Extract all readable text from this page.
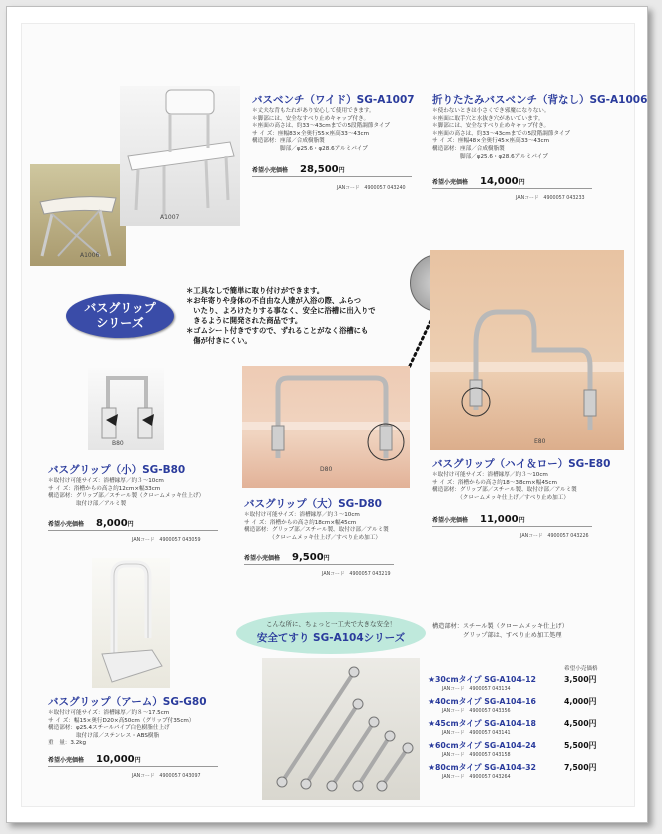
A1006
A1007
バスベンチ（ワイド）SG-A1007
＊丈夫な背もたれがあり安心して使用できます。
＊脚部には、安全なすべり止めキャップ付き。
＊座面の高さは、約33〜43cmまでの5段階調節タイプ
サ イ ズ：座幅83×全奥行55×座高33〜43cm
構造部材：座部／合成樹脂製
　　　　　脚部／φ25.6・φ28.6アルミパイプ
希望小売価格 28,500円
JANコード　4900057 043240
折りたたみバスベンチ（背なし）SG-A1006
＊使わないときは小さくでき邪魔になりない。
＊座面に取手穴と水抜き穴があいています。
＊脚部には、安全なすべり止めキャップ付き。
＊座面の高さは、約33〜43cmまでの5段階調節タイプ
サ イ ズ：座幅48×全奥行45×座高33〜43cm
構造部材：座部／合成樹脂製
　　　　　脚部／φ25.6・φ28.6アルミパイプ
希望小売価格 14,000円
JANコード　4900057 043233
バスグリップ
シリーズ
＊工具なしで簡単に取り付けができます。
＊お年寄りや身体の不自由な人達が入浴の際、ふらつ
　いたり、よろけたりする事なく、安全に浴槽に出入りで
　きるように開発された商品です。
＊ゴムシート付きですので、ずれることがなく浴槽にも
　傷が付きにくい。
B80
バスグリップ（小）SG-B80
＊取付け可能サイズ：浴槽縁厚／約３〜10cm
サ イ ズ：浴槽からの高さ約12cm×幅33cm
構造部材：グリップ部／スチール製（クロームメッキ仕上げ）
　　　　　取付け部／アルミ製
希望小売価格 8,000円
JANコード　4900057 043059
D80
バスグリップ（大）SG-D80
＊取付け可能サイズ：浴槽縁厚／約３〜10cm
サ イ ズ：浴槽からの高さ約18cm×幅45cm
構造部材：グリップ部／スチール製、取付け部／アルミ製
　　　　　（クロームメッキ仕上げ／すべり止め加工）
希望小売価格 9,500円
JANコード　4900057 043219
E80
バスグリップ（ハイ＆ロー）SG-E80
＊取付け可能サイズ：浴槽縁厚／約３〜10cm
サ イ ズ：浴槽からの高さ約18〜38cm×幅45cm
構造部材：グリップ部／スチール製、取付け部／アルミ製
　　　　　（クロームメッキ仕上げ／すべり止め加工）
希望小売価格 11,000円
JANコード　4900057 043226
バスグリップ（アーム）SG-G80
＊取付け可能サイズ：浴槽縁厚／約８〜17.5cm
サ イ ズ：幅15×奥行D20×高50cm（グリップ付35cm）
構造部材：φ25.4スチールパイプ白色樹脂仕上げ
　　　　　取付け部／ステンレス・ABS樹脂
重　量：3.2kg
希望小売価格 10,000円
JANコード　4900057 043097
こんな所に、ちょっと一工夫で大きな安全！
安全てすり SG-A104シリーズ
構造部材：スチール製（クロームメッキ仕上げ）
　　　　　グリップ部は、すべり止め加工処理
希望小売価格
★30cmタイプ SG-A104-12	3,500円
JANコード　4900057 043134
★40cmタイプ SG-A104-16	4,000円
JANコード　4900057 043356
★45cmタイプ SG-A104-18	4,500円
JANコード　4900057 043141
★60cmタイプ SG-A104-24	5,500円
JANコード　4900057 043158
★80cmタイプ SG-A104-32	7,500円
JANコード　4900057 043264
